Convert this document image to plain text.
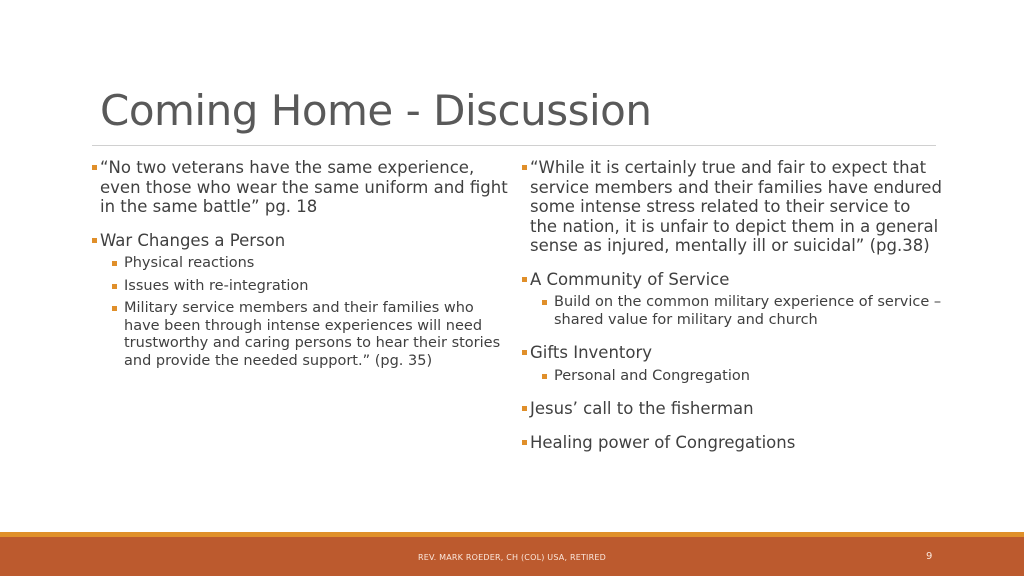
Coming Home - Discussion

“No two veterans have the same experience, even those who wear the same uniform and fight in the same battle” pg. 18

War Changes a Person

Physical reactions

Issues with re-integration

Military service members and their families who have been through intense experiences will need trustworthy and caring persons to hear their stories and provide the needed support.” (pg. 35)

“While it is certainly true and fair to expect that service members and their families have endured some intense stress related to their service to the nation, it is unfair to depict them in a general sense as injured, mentally ill or suicidal” (pg.38)

A Community of Service

Build on the common military experience of service – shared value for military and church

Gifts Inventory

Personal and Congregation

Jesus’ call to the fisherman

Healing power of Congregations

REV. MARK ROEDER, CH (COL) USA, RETIRED	9
